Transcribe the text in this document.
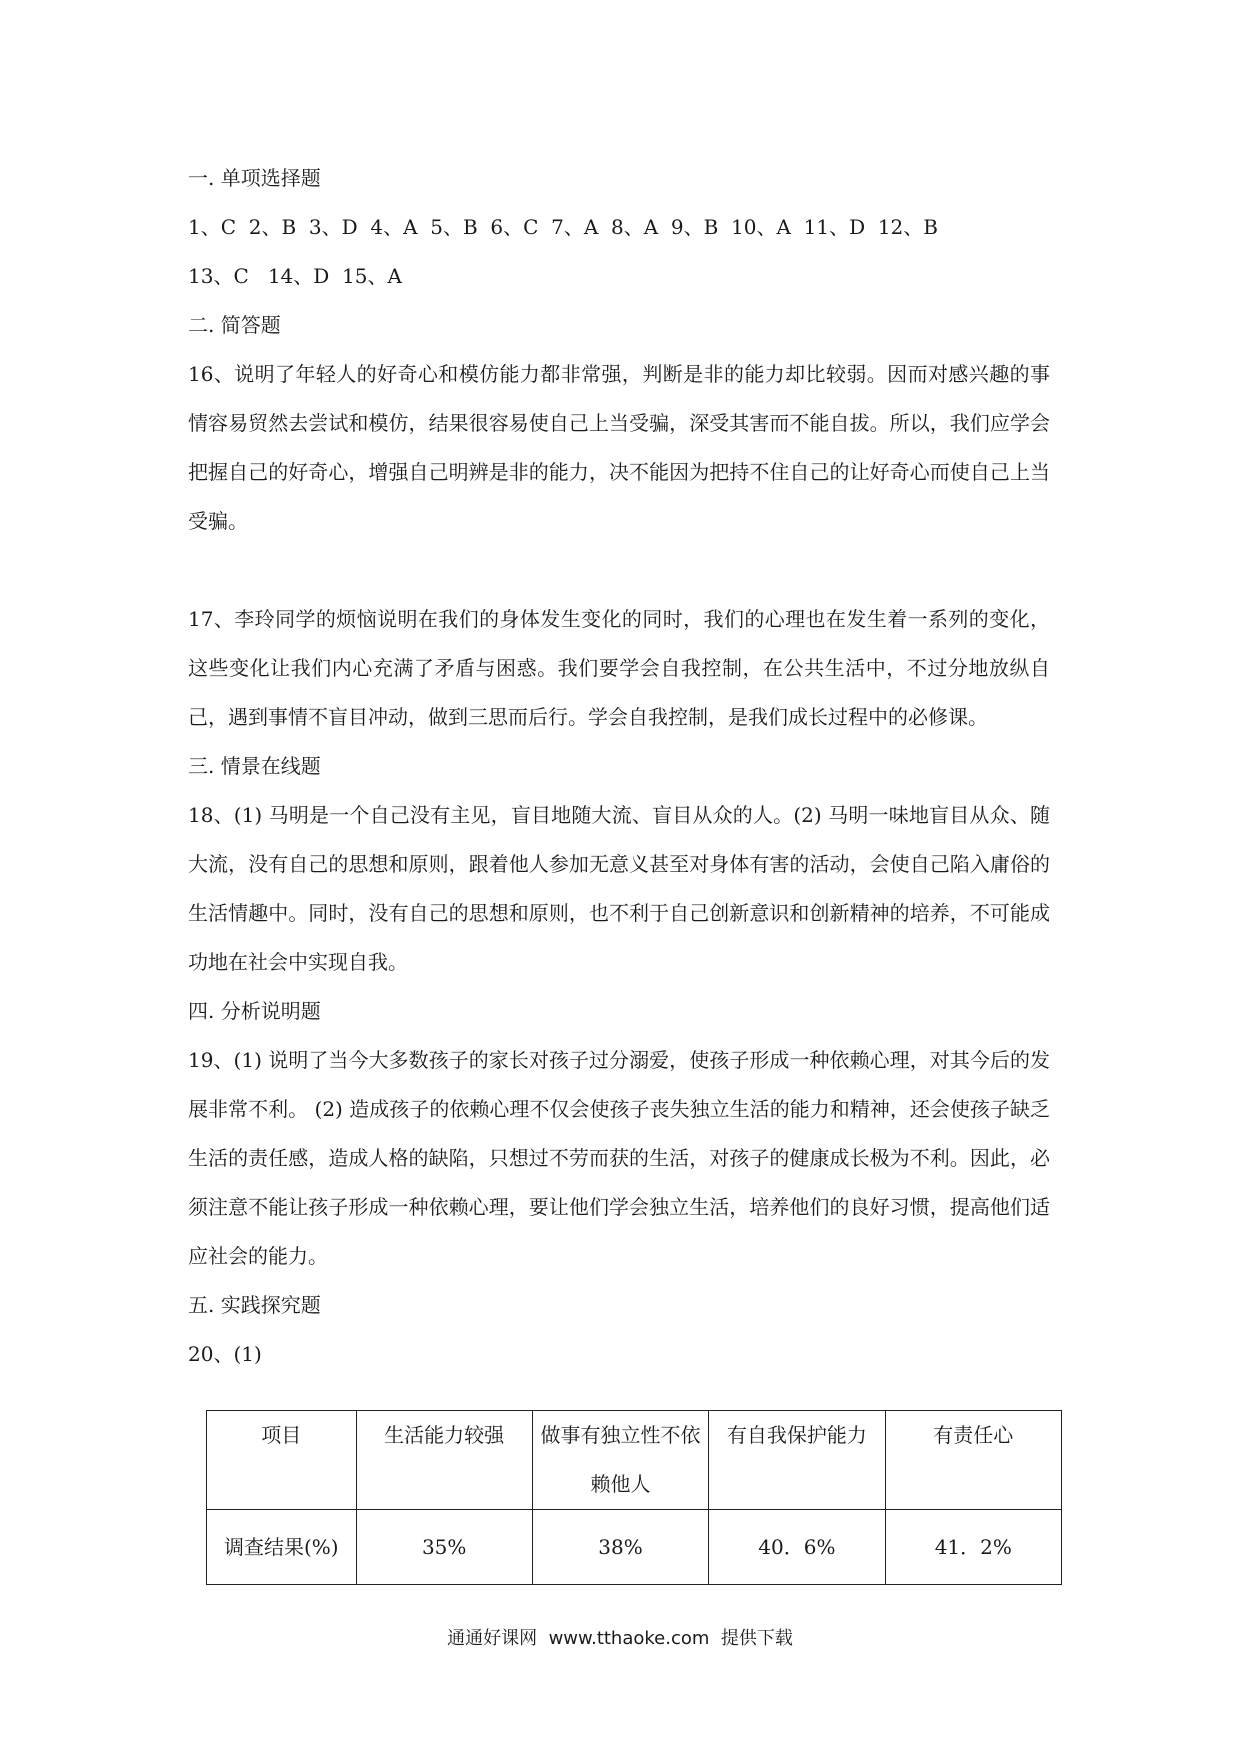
一. 单项选择题
1、C  2、B  3、D  4、A  5、B  6、C  7、A  8、A  9、B  10、A  11、D  12、B
13、C   14、D  15、A
二. 简答题
16、说明了年轻人的好奇心和模仿能力都非常强，判断是非的能力却比较弱。因而对感兴趣的事情容易贸然去尝试和模仿，结果很容易使自己上当受骗，深受其害而不能自拔。所以，我们应学会把握自己的好奇心，增强自己明辨是非的能力，决不能因为把持不住自己的让好奇心而使自己上当受骗。
17、李玲同学的烦恼说明在我们的身体发生变化的同时，我们的心理也在发生着一系列的变化，这些变化让我们内心充满了矛盾与困惑。我们要学会自我控制，在公共生活中，不过分地放纵自己，遇到事情不盲目冲动，做到三思而后行。学会自我控制，是我们成长过程中的必修课。
三. 情景在线题
18、(1) 马明是一个自己没有主见，盲目地随大流、盲目从众的人。(2) 马明一味地盲目从众、随大流，没有自己的思想和原则，跟着他人参加无意义甚至对身体有害的活动，会使自己陷入庸俗的生活情趣中。同时，没有自己的思想和原则，也不利于自己创新意识和创新精神的培养，不可能成功地在社会中实现自我。
四. 分析说明题
19、(1) 说明了当今大多数孩子的家长对孩子过分溺爱，使孩子形成一种依赖心理，对其今后的发展非常不利。 (2) 造成孩子的依赖心理不仅会使孩子丧失独立生活的能力和精神，还会使孩子缺乏生活的责任感，造成人格的缺陷，只想过不劳而获的生活，对孩子的健康成长极为不利。因此，必须注意不能让孩子形成一种依赖心理，要让他们学会独立生活，培养他们的良好习惯，提高他们适应社会的能力。
五. 实践探究题
20、(1)
项目	生活能力较强	做事有独立性不依赖他人	有自我保护能力	有责任心
调查结果(%)	35%	38%	40．6%	41．2%
通通好课网  www.tthaoke.com  提供下载
